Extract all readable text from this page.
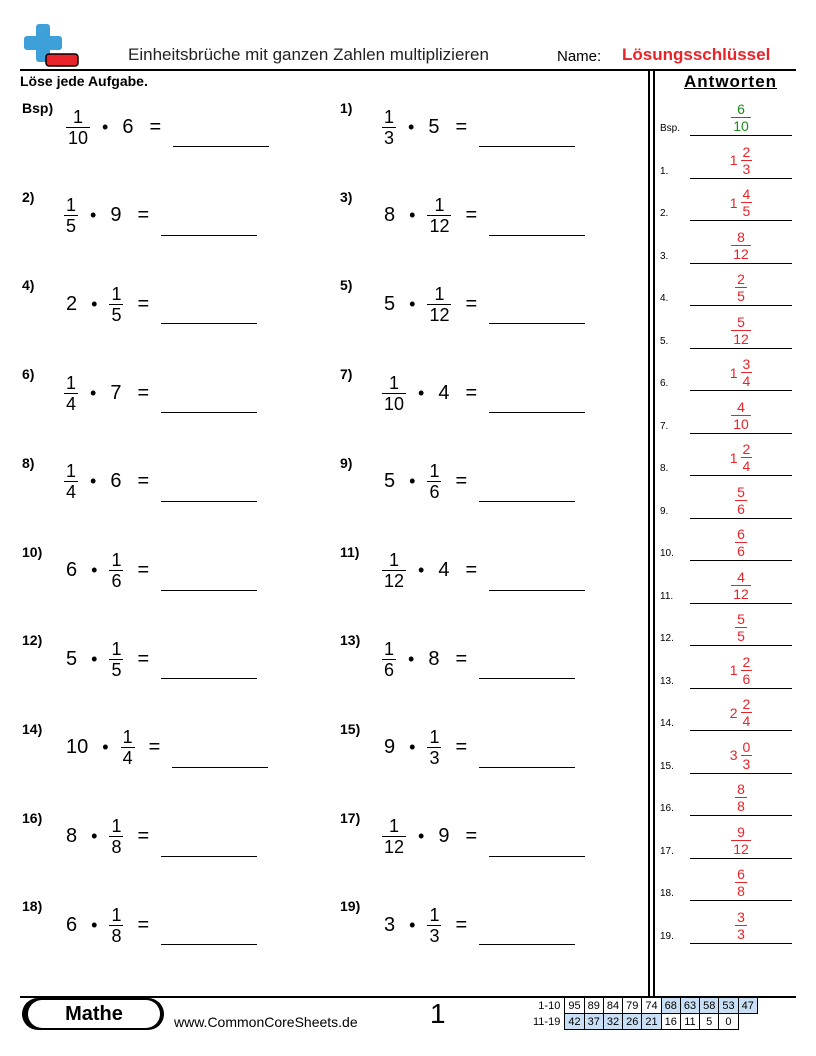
Einheitsbrüche mit ganzen Zahlen multiplizieren	Name: Lösungsschlüssel
Löse jede Aufgabe.
$Bsp) \frac{1}{10}$ • 6 =
$1) \frac{1}{3}$ • 5 =
$2) \frac{1}{5}$ • 9 =
3)
8 • $\frac{1}{12}$ =
4)
2 • $\frac{1}{5}$ =
5)
5 • $\frac{1}{12}$ =
$6) \frac{1}{4}$ • 7 =
$7) \frac{1}{10}$ • 4 =
$8) \frac{1}{4}$ • 6 =
9)
5 • $\frac{1}{6}$ =
10)
6 • $\frac{1}{6}$ =
$11) \frac{1}{12}$ • 4 =
12)
5 • $\frac{1}{5}$ =
$13) \frac{1}{6}$ • 8 =
14)
10 • $\frac{1}{4}$ =
15)
9 • $\frac{1}{3}$ =
16)
8 • $\frac{1}{8}$ =
$17) \frac{1}{12}$ • 9 =
18)
6 • $\frac{1}{8}$ =
19)
3 • $\frac{1}{3}$ =
Antworten
Bsp.	$\frac{6}{10}$
1.
$1 \frac{2}{3}$
2.
$1 \frac{4}{5}$
3.	$\frac{8}{12}$
4.	$\frac{2}{5}$
5.	$\frac{5}{12}$
6.
$1 \frac{3}{4}$
7.	$\frac{4}{10}$
8.
$1 \frac{2}{4}$
9.	$\frac{5}{6}$
10.	$\frac{6}{6}$
11.	$\frac{4}{12}$
12.	$\frac{5}{5}$
13.
$1 \frac{2}{6}$
14.
$2 \frac{2}{4}$
15.
$3 \frac{0}{3}$
16.	$\frac{8}{8}$
17.	$\frac{9}{12}$
18.	$\frac{6}{8}$
19.	$\frac{3}{3}$
Mathe	www.CommonCoreSheets.de	1	1-10	95	89	84	79	74	68	63	58	53	47
11-19	42	37	32	26	21	16	11	5	0	
